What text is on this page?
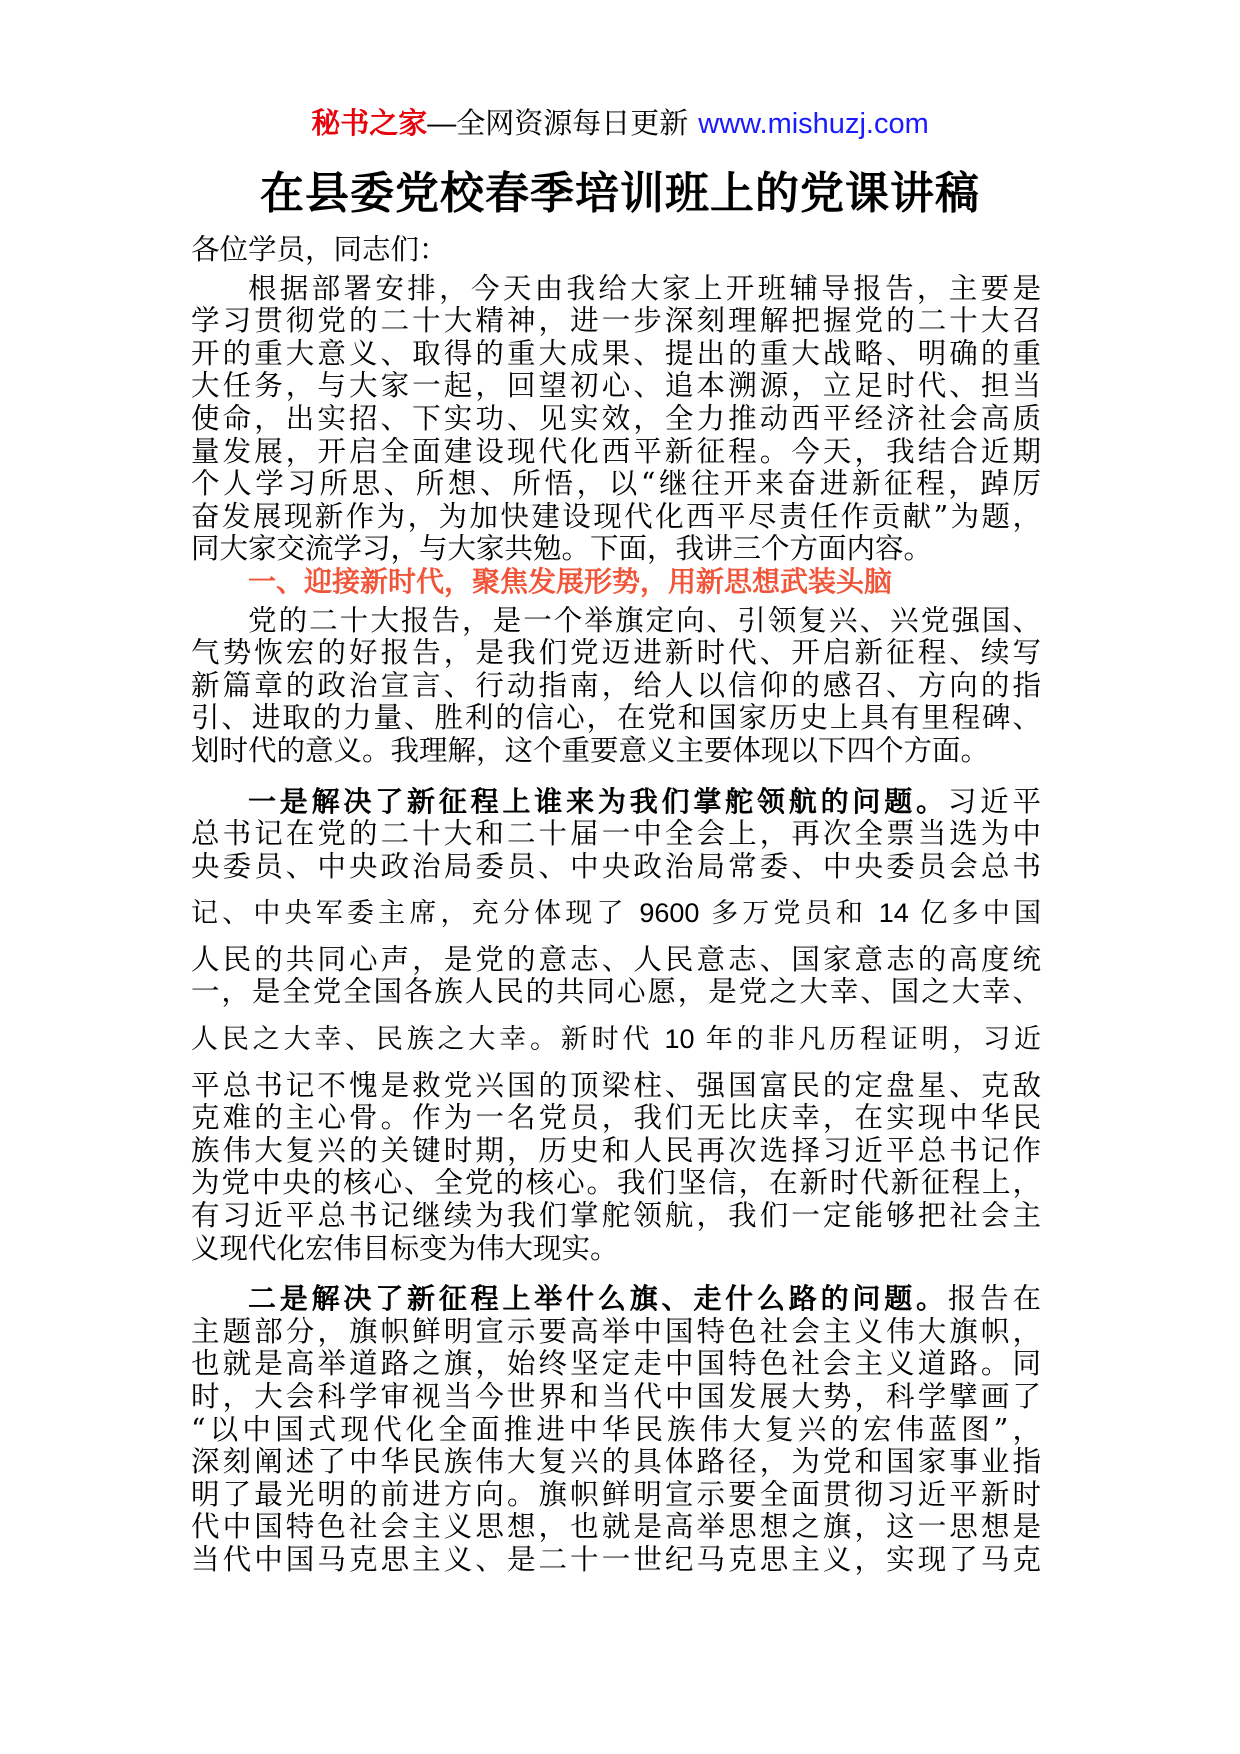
秘书之家—全网资源每日更新 www.mishuzj.com
在县委党校春季培训班上的党课讲稿

各位学员，同志们：

根据部署安排，今天由我给大家上开班辅导报告，主要是
学习贯彻党的二十大精神，进一步深刻理解把握党的二十大召
开的重大意义、取得的重大成果、提出的重大战略、明确的重
大任务，与大家一起，回望初心、追本溯源，立足时代、担当
使命，出实招、下实功、见实效，全力推动西平经济社会高质
量发展，开启全面建设现代化西平新征程。今天，我结合近期
个人学习所思、所想、所悟，以“继往开来奋进新征程，踔厉
奋发展现新作为，为加快建设现代化西平尽责任作贡献”为题，
同大家交流学习，与大家共勉。下面，我讲三个方面内容。

一、迎接新时代，聚焦发展形势，用新思想武装头脑

党的二十大报告，是一个举旗定向、引领复兴、兴党强国、
气势恢宏的好报告，是我们党迈进新时代、开启新征程、续写
新篇章的政治宣言、行动指南，给人以信仰的感召、方向的指
引、进取的力量、胜利的信心，在党和国家历史上具有里程碑、
划时代的意义。我理解，这个重要意义主要体现以下四个方面。
一是解决了新征程上谁来为我们掌舵领航的问题。习近平
总书记在党的二十大和二十届一中全会上，再次全票当选为中
央委员、中央政治局委员、中央政治局常委、中央委员会总书
记、中央军委主席，充分体现了 9600 多万党员和 14 亿多中国
人民的共同心声，是党的意志、人民意志、国家意志的高度统
一，是全党全国各族人民的共同心愿，是党之大幸、国之大幸、
人民之大幸、民族之大幸。新时代 10 年的非凡历程证明，习近
平总书记不愧是救党兴国的顶梁柱、强国富民的定盘星、克敌
克难的主心骨。作为一名党员，我们无比庆幸，在实现中华民
族伟大复兴的关键时期，历史和人民再次选择习近平总书记作
为党中央的核心、全党的核心。我们坚信，在新时代新征程上，
有习近平总书记继续为我们掌舵领航，我们一定能够把社会主
义现代化宏伟目标变为伟大现实。
二是解决了新征程上举什么旗、走什么路的问题。报告在
主题部分，旗帜鲜明宣示要高举中国特色社会主义伟大旗帜，
也就是高举道路之旗，始终坚定走中国特色社会主义道路。同
时，大会科学审视当今世界和当代中国发展大势，科学擘画了
“以中国式现代化全面推进中华民族伟大复兴的宏伟蓝图”，
深刻阐述了中华民族伟大复兴的具体路径，为党和国家事业指
明了最光明的前进方向。旗帜鲜明宣示要全面贯彻习近平新时
代中国特色社会主义思想，也就是高举思想之旗，这一思想是
当代中国马克思主义、是二十一世纪马克思主义，实现了马克
